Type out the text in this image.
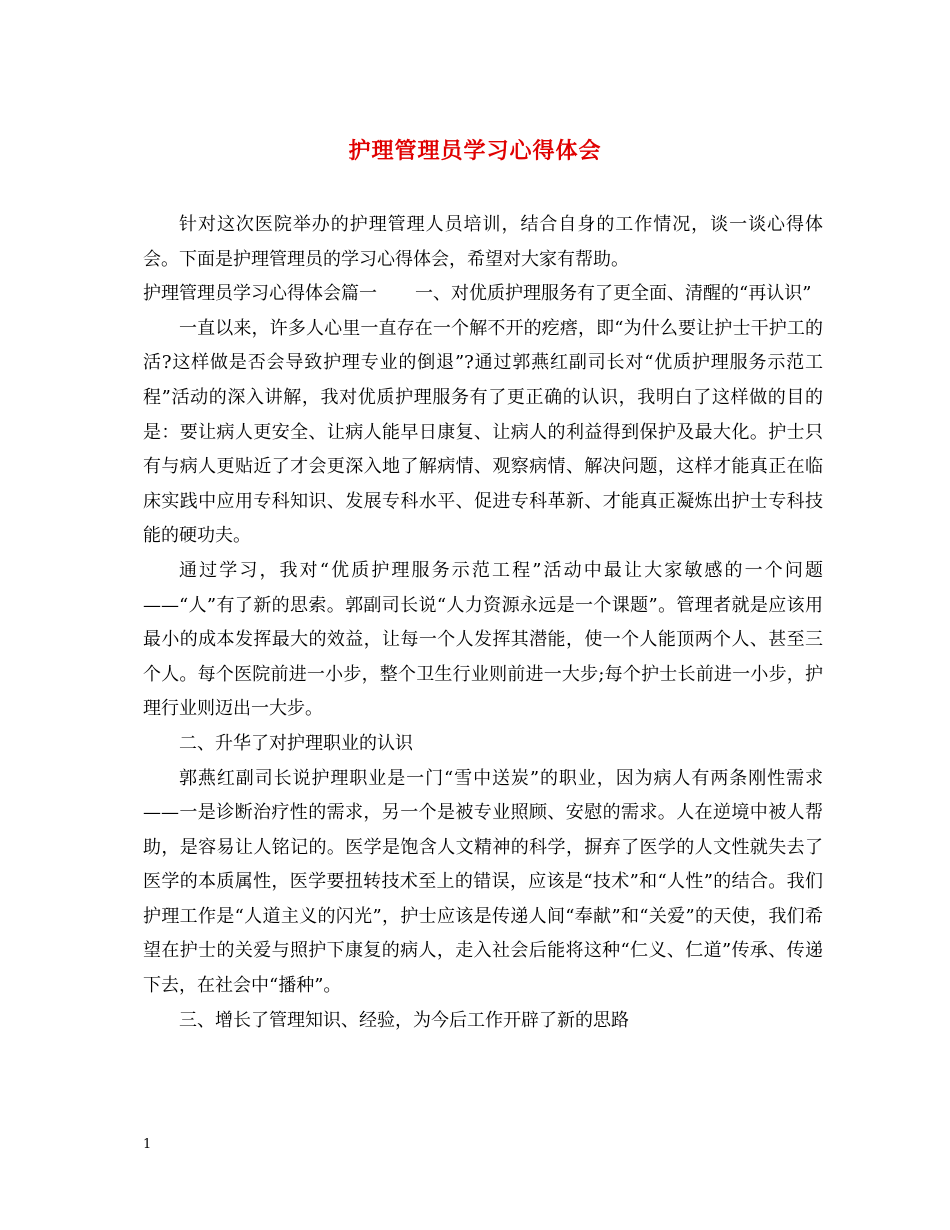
护理管理员学习心得体会

针对这次医院举办的护理管理人员培训，结合自身的工作情况，谈一谈心得体会。下面是护理管理员的学习心得体会，希望对大家有帮助。

护理管理员学习心得体会篇一 一、对优质护理服务有了更全面、清醒的“再认识”

一直以来，许多人心里一直存在一个解不开的疙瘩，即“为什么要让护士干护工的活?这样做是否会导致护理专业的倒退”?通过郭燕红副司长对“优质护理服务示范工程”活动的深入讲解，我对优质护理服务有了更正确的认识，我明白了这样做的目的是：要让病人更安全、让病人能早日康复、让病人的利益得到保护及最大化。护士只有与病人更贴近了才会更深入地了解病情、观察病情、解决问题，这样才能真正在临床实践中应用专科知识、发展专科水平、促进专科革新、才能真正凝炼出护士专科技能的硬功夫。

通过学习，我对“优质护理服务示范工程”活动中最让大家敏感的一个问题——“人”有了新的思索。郭副司长说“人力资源永远是一个课题”。管理者就是应该用最小的成本发挥最大的效益，让每一个人发挥其潜能，使一个人能顶两个人、甚至三个人。每个医院前进一小步，整个卫生行业则前进一大步;每个护士长前进一小步，护理行业则迈出一大步。

二、升华了对护理职业的认识

郭燕红副司长说护理职业是一门“雪中送炭”的职业，因为病人有两条刚性需求——一是诊断治疗性的需求，另一个是被专业照顾、安慰的需求。人在逆境中被人帮助，是容易让人铭记的。医学是饱含人文精神的科学，摒弃了医学的人文性就失去了医学的本质属性，医学要扭转技术至上的错误，应该是“技术”和“人性”的结合。我们护理工作是“人道主义的闪光”，护士应该是传递人间“奉献”和“关爱”的天使，我们希望在护士的关爱与照护下康复的病人，走入社会后能将这种“仁义、仁道”传承、传递下去，在社会中“播种”。

三、增长了管理知识、经验，为今后工作开辟了新的思路

1
